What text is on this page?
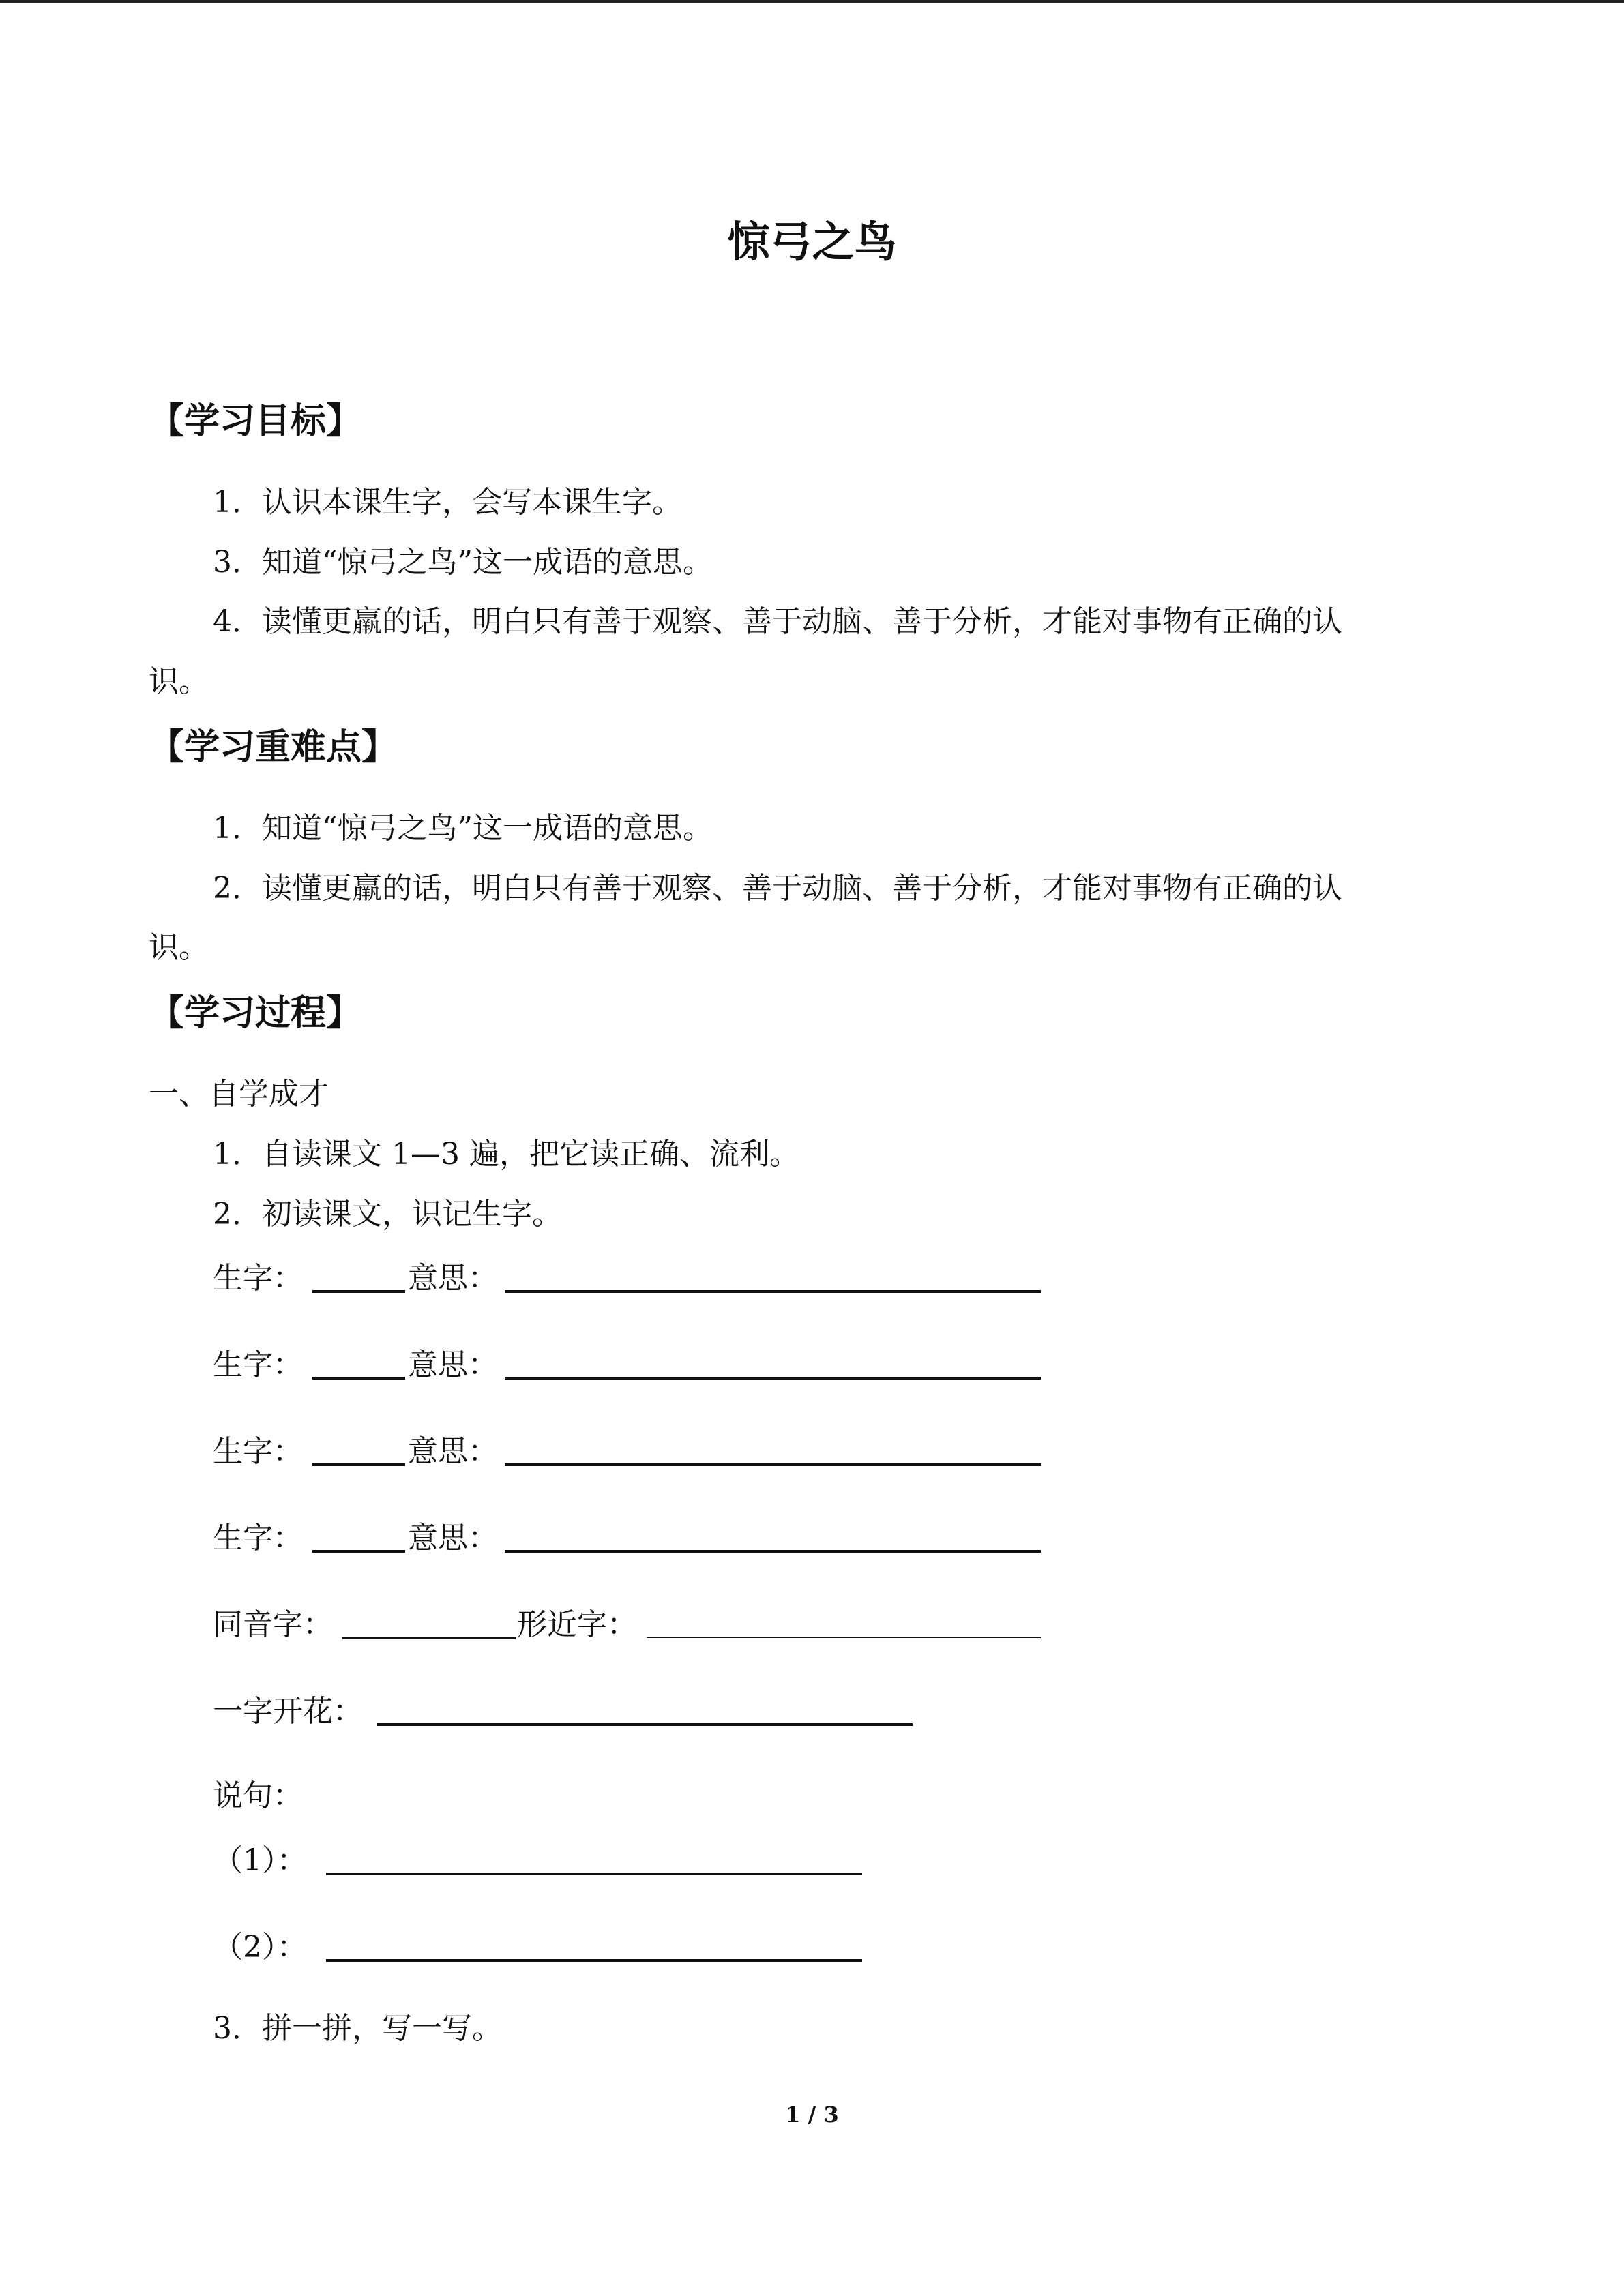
惊弓之鸟
【学习目标】
1．认识本课生字，会写本课生字。
3．知道“惊弓之鸟”这一成语的意思。
4．读懂更羸的话，明白只有善于观察、善于动脑、善于分析，才能对事物有正确的认
识。
【学习重难点】
1．知道“惊弓之鸟”这一成语的意思。
2．读懂更羸的话，明白只有善于观察、善于动脑、善于分析，才能对事物有正确的认
识。
【学习过程】
一、自学成才
1．自读课文 1—3 遍，把它读正确、流利。
2．初读课文，识记生字。
生字：	意思：
生字：	意思：
生字：	意思：
生字：	意思：
同音字：	形近字：
一字开花：
说句：
（1）：
（2）：
3．拼一拼，写一写。
1 / 3
